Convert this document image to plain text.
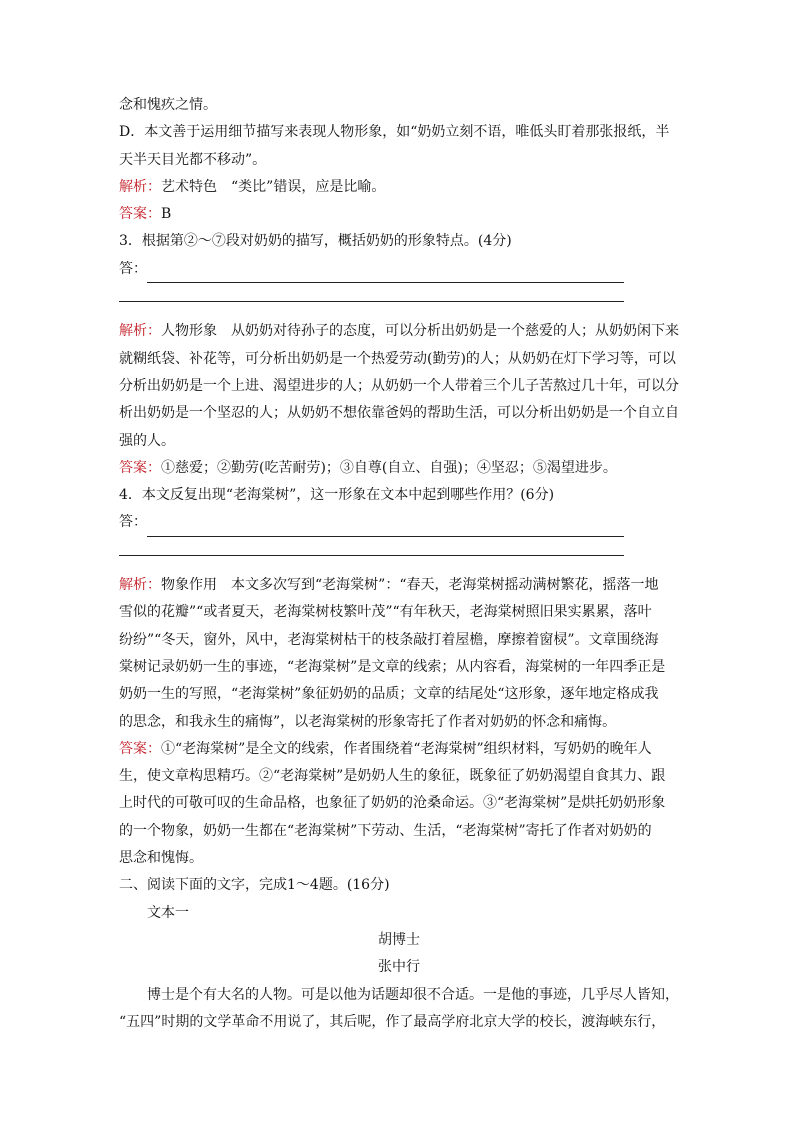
念和愧疚之情。
D．本文善于运用细节描写来表现人物形象，如“奶奶立刻不语，唯低头盯着那张报纸，半
天半天目光都不移动”。
解析：艺术特色　“类比”错误，应是比喻。
答案：B
3．根据第②～⑦段对奶奶的描写，概括奶奶的形象特点。(4分)
答：
解析：人物形象　从奶奶对待孙子的态度，可以分析出奶奶是一个慈爱的人；从奶奶闲下来
就糊纸袋、补花等，可分析出奶奶是一个热爱劳动(勤劳)的人；从奶奶在灯下学习等，可以
分析出奶奶是一个上进、渴望进步的人；从奶奶一个人带着三个儿子苦熬过几十年，可以分
析出奶奶是一个坚忍的人；从奶奶不想依靠爸妈的帮助生活，可以分析出奶奶是一个自立自
强的人。
答案：①慈爱；②勤劳(吃苦耐劳)；③自尊(自立、自强)；④坚忍；⑤渴望进步。
4．本文反复出现“老海棠树”，这一形象在文本中起到哪些作用？(6分)
答：
解析：物象作用　本文多次写到“老海棠树”：“春天，老海棠树摇动满树繁花，摇落一地
雪似的花瓣”“或者夏天，老海棠树枝繁叶茂”“有年秋天，老海棠树照旧果实累累，落叶
纷纷”“冬天，窗外，风中，老海棠树枯干的枝条敲打着屋檐，摩擦着窗棂”。文章围绕海
棠树记录奶奶一生的事迹，“老海棠树”是文章的线索；从内容看，海棠树的一年四季正是
奶奶一生的写照，“老海棠树”象征奶奶的品质；文章的结尾处“这形象，逐年地定格成我
的思念，和我永生的痛悔”，以老海棠树的形象寄托了作者对奶奶的怀念和痛悔。
答案：①“老海棠树”是全文的线索，作者围绕着“老海棠树”组织材料，写奶奶的晚年人
生，使文章构思精巧。②“老海棠树”是奶奶人生的象征，既象征了奶奶渴望自食其力、跟
上时代的可敬可叹的生命品格，也象征了奶奶的沧桑命运。③“老海棠树”是烘托奶奶形象
的一个物象，奶奶一生都在“老海棠树”下劳动、生活，“老海棠树”寄托了作者对奶奶的
思念和愧悔。
二、阅读下面的文字，完成1～4题。(16分)
文本一
胡博士
张中行
博士是个有大名的人物。可是以他为话题却很不合适。一是他的事迹，几乎尽人皆知，
“五四”时期的文学革命不用说了，其后呢，作了最高学府北京大学的校长，渡海峡东行，
